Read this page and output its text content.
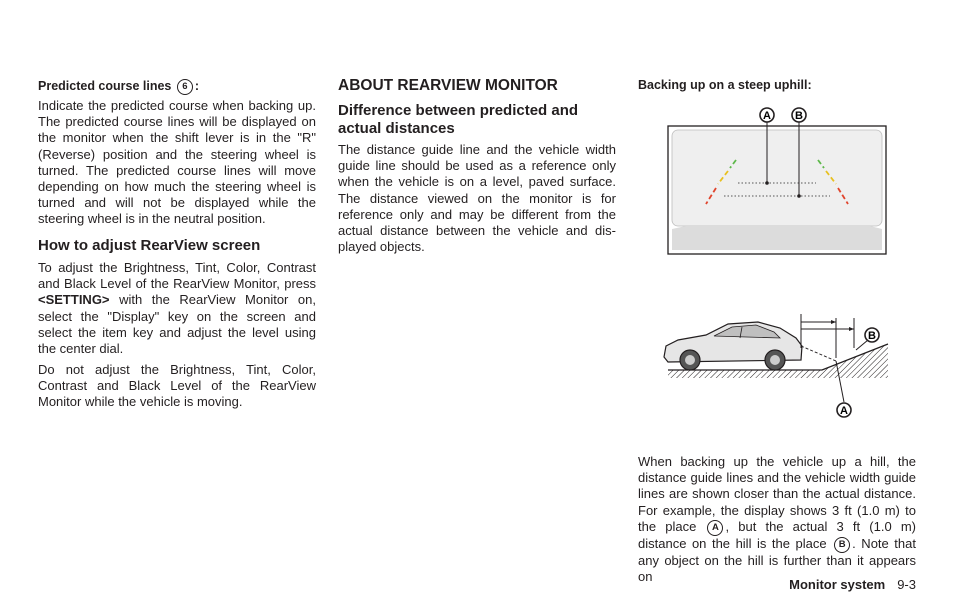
Predicted course lines 6 :

Indicate the predicted course when backing up. The predicted course lines will be displayed on the monitor when the shift lever is in the "R" (Reverse) position and the steering wheel is turned. The predicted course lines will move depending on how much the steering wheel is turned and will not be displayed while the steering wheel is in the neutral position.

How to adjust RearView screen

To adjust the Brightness, Tint, Color, Contrast and Black Level of the RearView Monitor, press <SETTING> with the RearView Monitor on, select the "Display" key on the screen and select the item key and adjust the level using the center dial.

Do not adjust the Brightness, Tint, Color, Contrast and Black Level of the RearView Monitor while the vehicle is moving.

ABOUT REARVIEW MONITOR
Difference between predicted and actual distances

The distance guide line and the vehicle width guide line should be used as a reference only when the vehicle is on a level, paved surface. The distance viewed on the monitor is for reference only and may be different from the actual distance between the vehicle and dis-played objects.

Backing up on a steep uphill:
A B
A
B

When backing up the vehicle up a hill, the distance guide lines and the vehicle width guide lines are shown closer than the actual distance. For example, the display shows 3 ft (1.0 m) to the place A , but the actual 3 ft (1.0 m) distance on the hill is the place B . Note that any object on the hill is further than it appears on

Monitor system 9-3
